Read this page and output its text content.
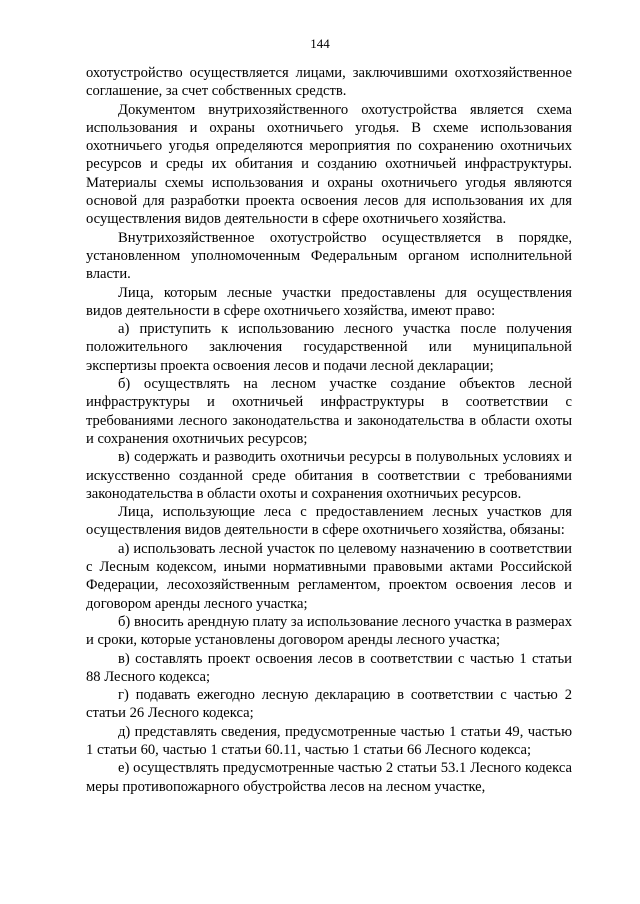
144

охотустройство осуществляется лицами, заключившими охотхозяйственное соглашение, за счет собственных средств.

Документом внутрихозяйственного охотустройства является схема использования и охраны охотничьего угодья. В схеме использования охотничьего угодья определяются мероприятия по сохранению охотничьих ресурсов и среды их обитания и созданию охотничьей инфраструктуры. Материалы схемы использования и охраны охотничьего угодья являются основой для разработки проекта освоения лесов для использования их для осуществления видов деятельности в сфере охотничьего хозяйства.

Внутрихозяйственное охотустройство осуществляется в порядке, установленном уполномоченным Федеральным органом исполнительной власти.

Лица, которым лесные участки предоставлены для осуществления видов деятельности в сфере охотничьего хозяйства, имеют право:

а) приступить к использованию лесного участка после получения положительного заключения государственной или муниципальной экспертизы проекта освоения лесов и подачи лесной декларации;

б) осуществлять на лесном участке создание объектов лесной инфраструктуры и охотничьей инфраструктуры в соответствии с требованиями лесного законодательства и законодательства в области охоты и сохранения охотничьих ресурсов;

в) содержать и разводить охотничьи ресурсы в полувольных условиях и искусственно созданной среде обитания в соответствии с требованиями законодательства в области охоты и сохранения охотничьих ресурсов.

Лица, использующие леса с предоставлением лесных участков для осуществления видов деятельности в сфере охотничьего хозяйства, обязаны:

а) использовать лесной участок по целевому назначению в соответствии с Лесным кодексом, иными нормативными правовыми актами Российской Федерации, лесохозяйственным регламентом, проектом освоения лесов и договором аренды лесного участка;

б) вносить арендную плату за использование лесного участка в размерах и сроки, которые установлены договором аренды лесного участка;

в) составлять проект освоения лесов в соответствии с частью 1 статьи 88 Лесного кодекса;

г) подавать ежегодно лесную декларацию в соответствии с частью 2 статьи 26 Лесного кодекса;

д) представлять сведения, предусмотренные частью 1 статьи 49, частью 1 статьи 60, частью 1 статьи 60.11, частью 1 статьи 66 Лесного кодекса;

е) осуществлять предусмотренные частью 2 статьи 53.1 Лесного кодекса меры противопожарного обустройства лесов на лесном участке,
